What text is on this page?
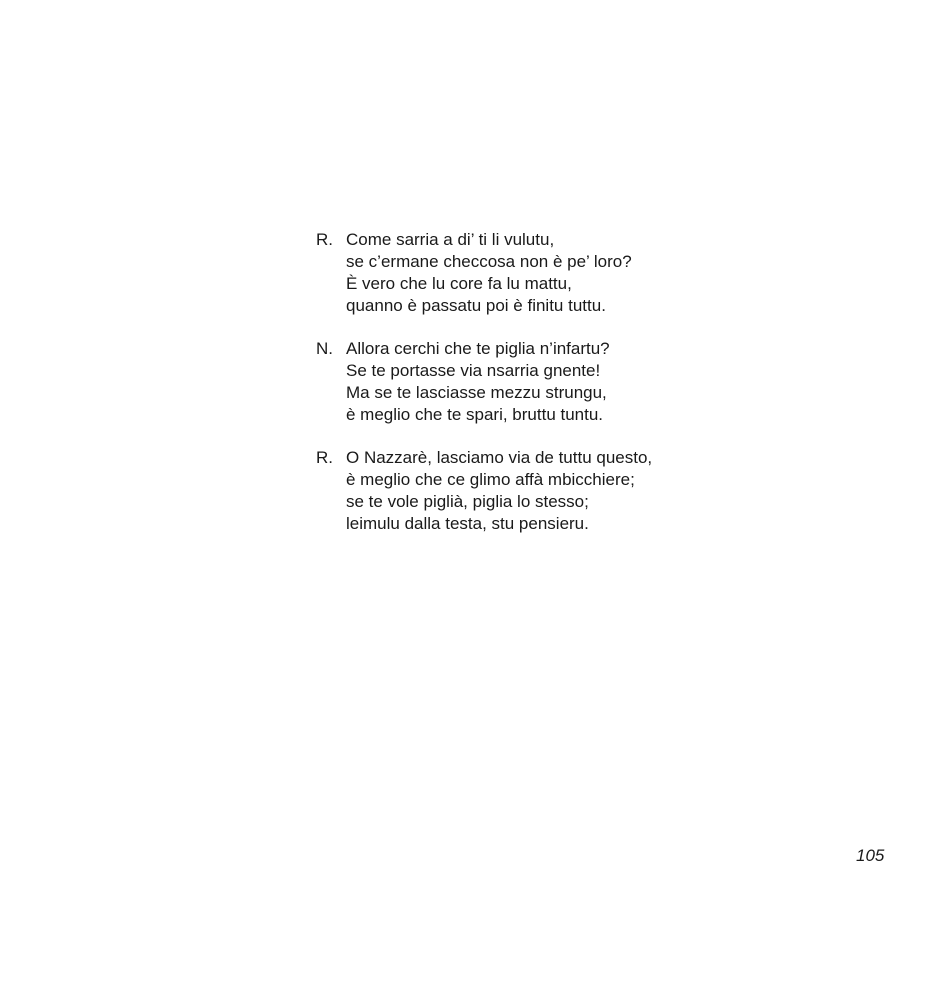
R. Come sarria a di’ ti li vulutu,
se c’ermane checcosa non è pe’ loro?
È vero che lu core fa lu mattu,
quanno è passatu poi è finitu tuttu.
N. Allora cerchi che te piglia n’infartu?
Se te portasse via nsarria gnente!
Ma se te lasciasse mezzu strungu,
è meglio che te spari, bruttu tuntu.
R. O Nazzarè, lasciamo via de tuttu questo,
è meglio che ce glimo affà mbicchiere;
se te vole piglià, piglia lo stesso;
leimulu dalla testa, stu pensieru.
105
